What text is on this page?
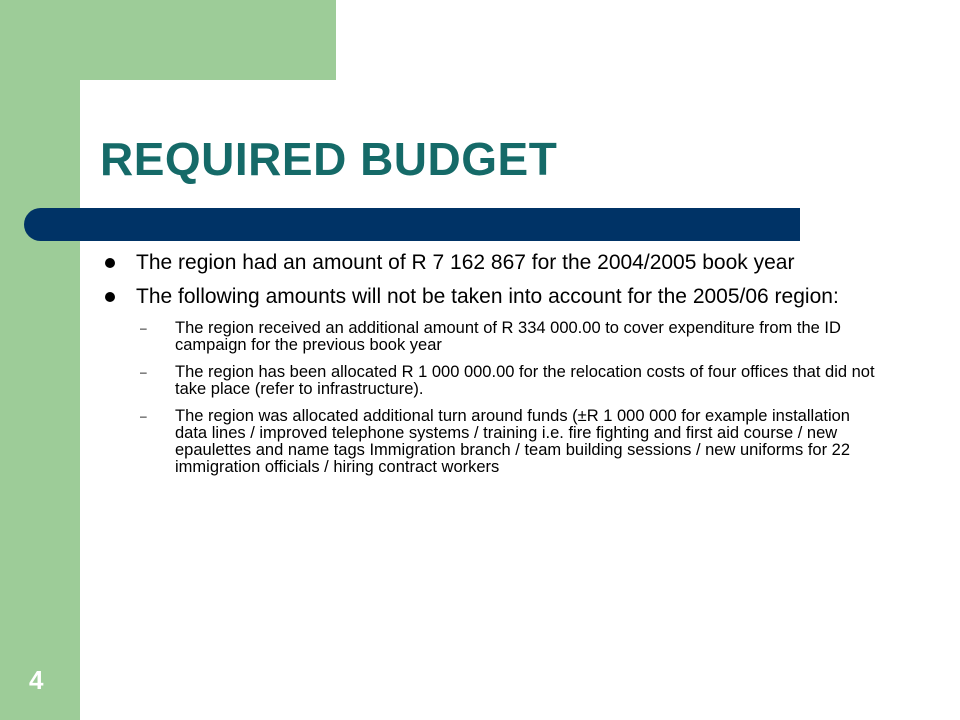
REQUIRED BUDGET
The region had an amount of R 7 162 867 for the 2004/2005 book year
The following amounts will not be taken into account for the 2005/06 region:
– The region received an additional amount of R 334 000.00 to cover expenditure from the ID campaign for the previous book year
– The region has been allocated R 1 000 000.00 for the relocation costs of four offices that did not take place (refer to infrastructure).
– The region was allocated additional turn around funds (±R 1 000 000 for example installation data lines / improved telephone systems / training i.e. fire fighting and first aid course / new epaulettes and name tags Immigration branch / team building sessions / new uniforms for 22 immigration officials / hiring contract workers
4
